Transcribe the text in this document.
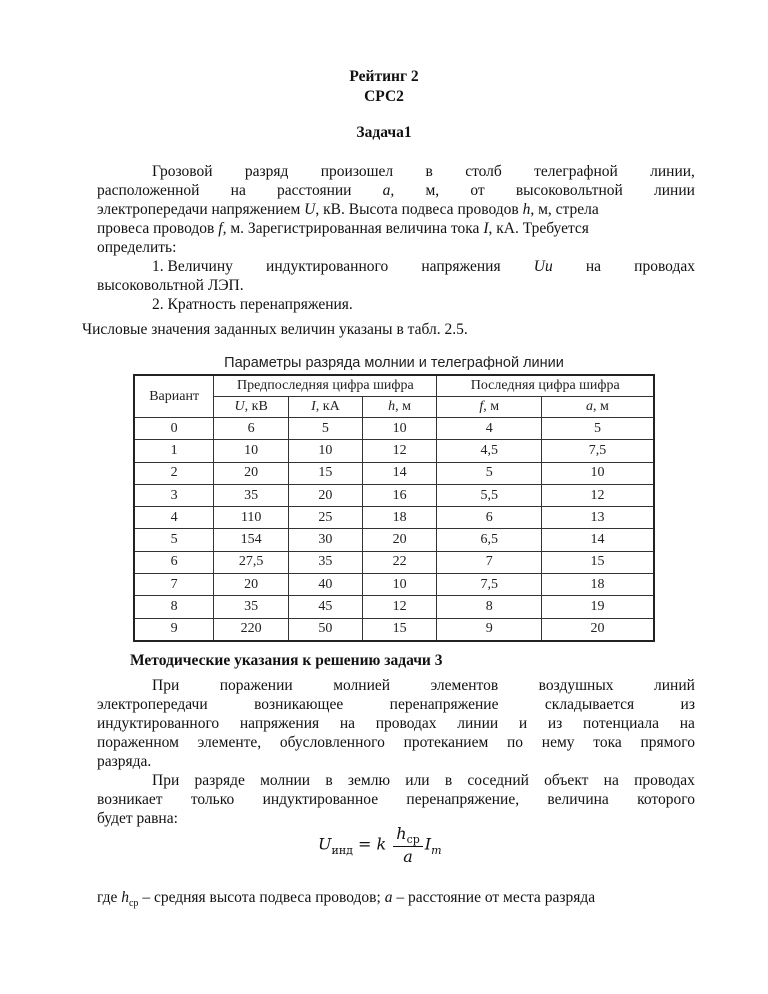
Рейтинг 2
СРС2
Задача1
Грозовой разряд произошел в столб телеграфной линии,
расположенной на расстоянии a, м, от высоковольтной линии
электропередачи напряжением U, кВ. Высота подвеса проводов h, м, стрела
провеса проводов f, м. Зарегистрированная величина тока I, кА. Требуется
определить:
1. Величину индуктированного напряжения Uи на проводах
высоковольтной ЛЭП.
2. Кратность перенапряжения.
Числовые значения заданных величин указаны в табл. 2.5.
Параметры разряда молнии и телеграфной линии
Вариант	Предпоследняя цифра шифра			Последняя цифра шифра	
	U, кВ	I, кА	h, м	f, м	a, м
0	6	5	10	4	5
1	10	10	12	4,5	7,5
2	20	15	14	5	10
3	35	20	16	5,5	12
4	110	25	18	6	13
5	154	30	20	6,5	14
6	27,5	35	22	7	15
7	20	40	10	7,5	18
8	35	45	12	8	19
9	220	50	15	9	20
Методические указания к решению задачи 3
При	поражении	молнией	элементов	воздушных	линий
электропередачи	возникающее	перенапряжение	складывается	из
индуктированного напряжения на проводах линии и из потенциала на
пораженном элементе, обусловленного протеканием по нему тока прямого
разряда.
При разряде молнии в землю или в соседний объект на проводах
возникает только индуктированное перенапряжение, величина которого
будет равна:
$U_{инд} = k \frac{h_{ср}}{a} I_m$
где $h_{ср}$ – средняя высота подвеса проводов; a – расстояние от места разряда
